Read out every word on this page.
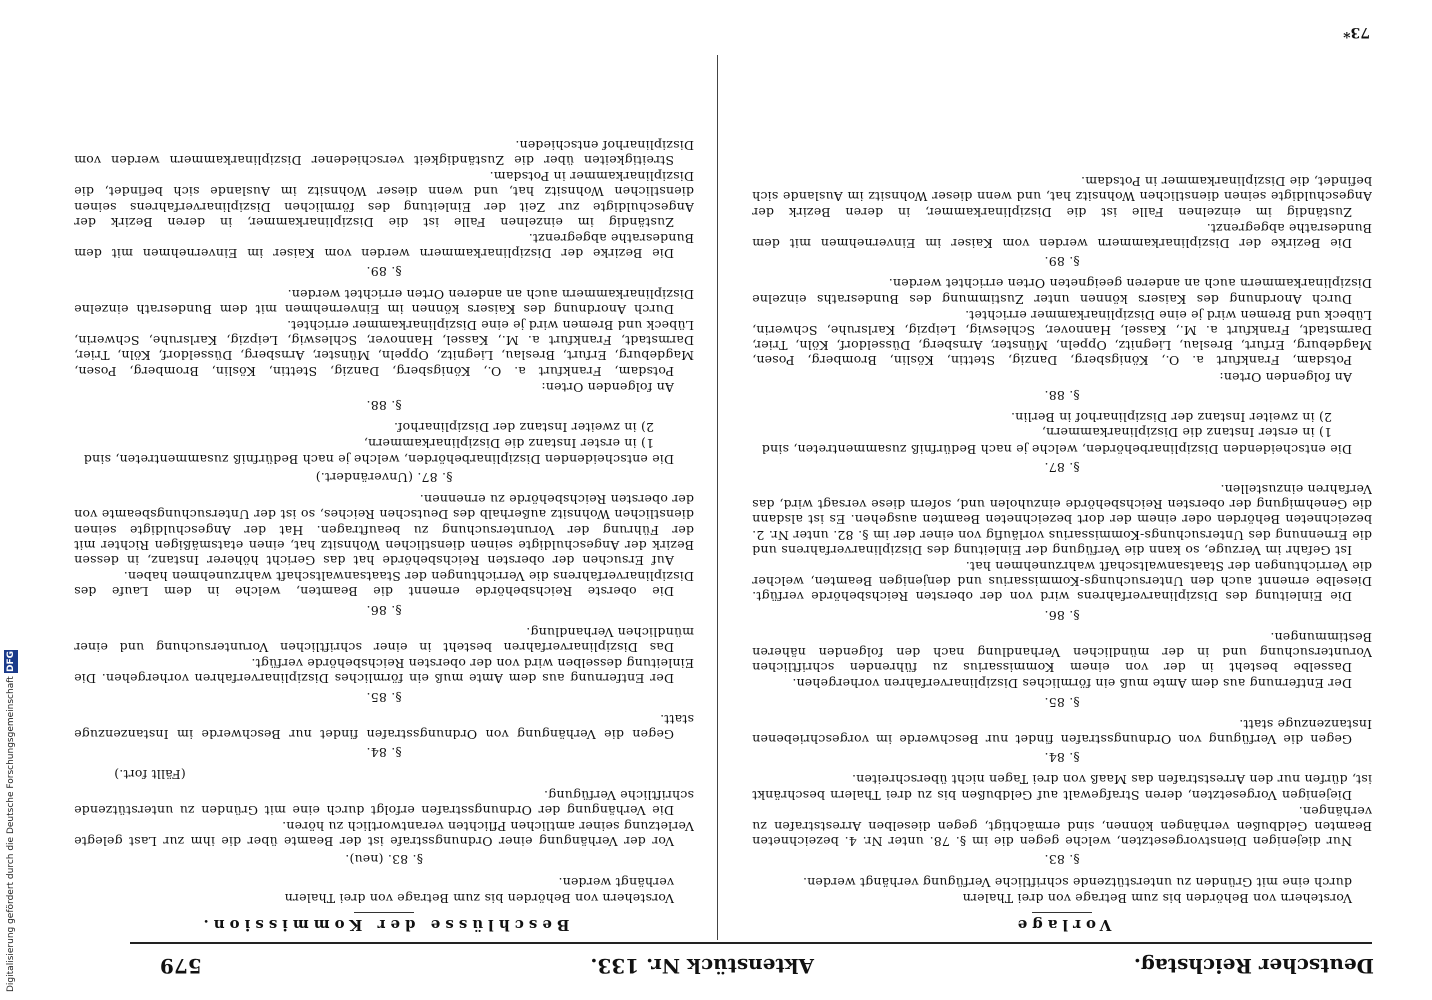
Deutscher Reichstag.
Aktenstück Nr. 133.
579
Vorlage

Vorstehern von Behörden bis zum Betrage von drei Thalern

durch eine mit Gründen zu unterstützende schriftliche Verfügung verhängt werden.

§. 83.

Nur diejenigen Dienstvorgesetzten, welche gegen die im §. 78. unter Nr. 4. bezeichneten Beamten Geldbußen verhängen können, sind ermächtigt, gegen dieselben Arreststrafen zu verhängen.

Diejenigen Vorgesetzten, deren Strafgewalt auf Geldbußen bis zu drei Thalern beschränkt ist, dürfen nur den Arreststrafen das Maaß von drei Tagen nicht überschreiten.

§. 84.

Gegen die Verfügung von Ordnungsstrafen findet nur Beschwerde im vorgeschriebenen Instanzenzuge statt.

§. 85.

Der Entfernung aus dem Amte muß ein förmliches Disziplinarverfahren vorhergehen.

Dasselbe besteht in der von einem Kommissarius zu führenden schriftlichen Voruntersuchung und in der mündlichen Verhandlung nach den folgenden näheren Bestimmungen.

§. 86.

Die Einleitung des Disziplinarverfahrens wird von der obersten Reichsbehörde verfügt. Dieselbe ernennt auch den Untersuchungs-Kommissarius und denjenigen Beamten, welcher die Verrichtungen der Staatsanwaltschaft wahrzunehmen hat.

Ist Gefahr im Verzuge, so kann die Verfügung der Einleitung des Disziplinarverfahrens und die Ernennung des Untersuchungs-Kommissarius vorläufig von einer der im §. 82. unter Nr. 2. bezeichneten Behörden oder einem der dort bezeichneten Beamten ausgehen. Es ist alsdann die Genehmigung der obersten Reichsbehörde einzuholen und, sofern diese versagt wird, das Verfahren einzustellen.

§. 87.

Die entscheidenden Disziplinarbehörden, welche je nach Bedürfniß zusammentreten, sind

1) in erster Instanz die Disziplinarkammern,

2) in zweiter Instanz der Disziplinarhof in Berlin.

§. 88.

An folgenden Orten:

Potsdam, Frankfurt a. O., Königsberg, Danzig, Stettin, Köslin, Bromberg, Posen, Magdeburg, Erfurt, Breslau, Liegnitz, Oppeln, Münster, Arnsberg, Düsseldorf, Köln, Trier, Darmstadt, Frankfurt a. M., Kassel, Hannover, Schleswig, Leipzig, Karlsruhe, Schwerin, Lübeck und Bremen wird je eine Disziplinarkammer errichtet.

Durch Anordnung des Kaisers können unter Zustimmung des Bundesraths einzelne Disziplinarkammern auch an anderen geeigneten Orten errichtet werden.

§. 89.

Die Bezirke der Disziplinarkammern werden vom Kaiser im Einvernehmen mit dem Bundesrathe abgegrenzt.

Zuständig im einzelnen Falle ist die Disziplinarkammer, in deren Bezirk der Angeschuldigte seinen dienstlichen Wohnsitz hat, und wenn dieser Wohnsitz im Auslande sich befindet, die Disziplinarkammer in Potsdam.

Beschlüsse der Kommission.

Vorstehern von Behörden bis zum Betrage von drei Thalern

verhängt werden.

§. 83. (neu).

Vor der Verhängung einer Ordnungsstrafe ist der Beamte über die ihm zur Last gelegte Verletzung seiner amtlichen Pflichten verantwortlich zu hören.

Die Verhängung der Ordnungsstrafen erfolgt durch eine mit Gründen zu unterstützende schriftliche Verfügung.

(Fällt fort.)

§. 84.

Gegen die Verhängung von Ordnungsstrafen findet nur Beschwerde im Instanzenzuge statt.

§. 85.

Der Entfernung aus dem Amte muß ein förmliches Disziplinarverfahren vorhergehen. Die Einleitung desselben wird von der obersten Reichsbehörde verfügt.

Das Disziplinarverfahren besteht in einer schriftlichen Voruntersuchung und einer mündlichen Verhandlung.

§. 86.

Die oberste Reichsbehörde ernennt die Beamten, welche in dem Laufe des Disziplinarverfahrens die Verrichtungen der Staatsanwaltschaft wahrzunehmen haben.

Auf Ersuchen der obersten Reichsbehörde hat das Gericht höherer Instanz, in dessen Bezirk der Angeschuldigte seinen dienstlichen Wohnsitz hat, einen etatsmäßigen Richter mit der Führung der Voruntersuchung zu beauftragen. Hat der Angeschuldigte seinen dienstlichen Wohnsitz außerhalb des Deutschen Reiches, so ist der Untersuchungsbeamte von der obersten Reichsbehörde zu ernennen.

§. 87. (Unverändert.)

Die entscheidenden Disziplinarbehörden, welche je nach Bedürfniß zusammentreten, sind

1) in erster Instanz die Disziplinarkammern,

2) in zweiter Instanz der Disziplinarhof.

§. 88.

An folgenden Orten:

Potsdam, Frankfurt a. O., Königsberg, Danzig, Stettin, Köslin, Bromberg, Posen, Magdeburg, Erfurt, Breslau, Liegnitz, Oppeln, Münster, Arnsberg, Düsseldorf, Köln, Trier, Darmstadt, Frankfurt a. M., Kassel, Hannover, Schleswig, Leipzig, Karlsruhe, Schwerin, Lübeck und Bremen wird je eine Disziplinarkammer errichtet.

Durch Anordnung des Kaisers können im Einvernehmen mit dem Bundesrath einzelne Disziplinarkammern auch an anderen Orten errichtet werden.

§. 89.

Die Bezirke der Disziplinarkammern werden vom Kaiser im Einvernehmen mit dem Bundesrathe abgegrenzt.

Zuständig im einzelnen Falle ist die Disziplinarkammer, in deren Bezirk der Angeschuldigte zur Zeit der Einleitung des förmlichen Disziplinarverfahrens seinen dienstlichen Wohnsitz hat, und wenn dieser Wohnsitz im Auslande sich befindet, die Disziplinarkammer in Potsdam.

Streitigkeiten über die Zuständigkeit verschiedener Disziplinarkammern werden vom Disziplinarhof entschieden.

73*
Digitalisierung gefördert durch die Deutsche Forschungsgemeinschaft DFG
